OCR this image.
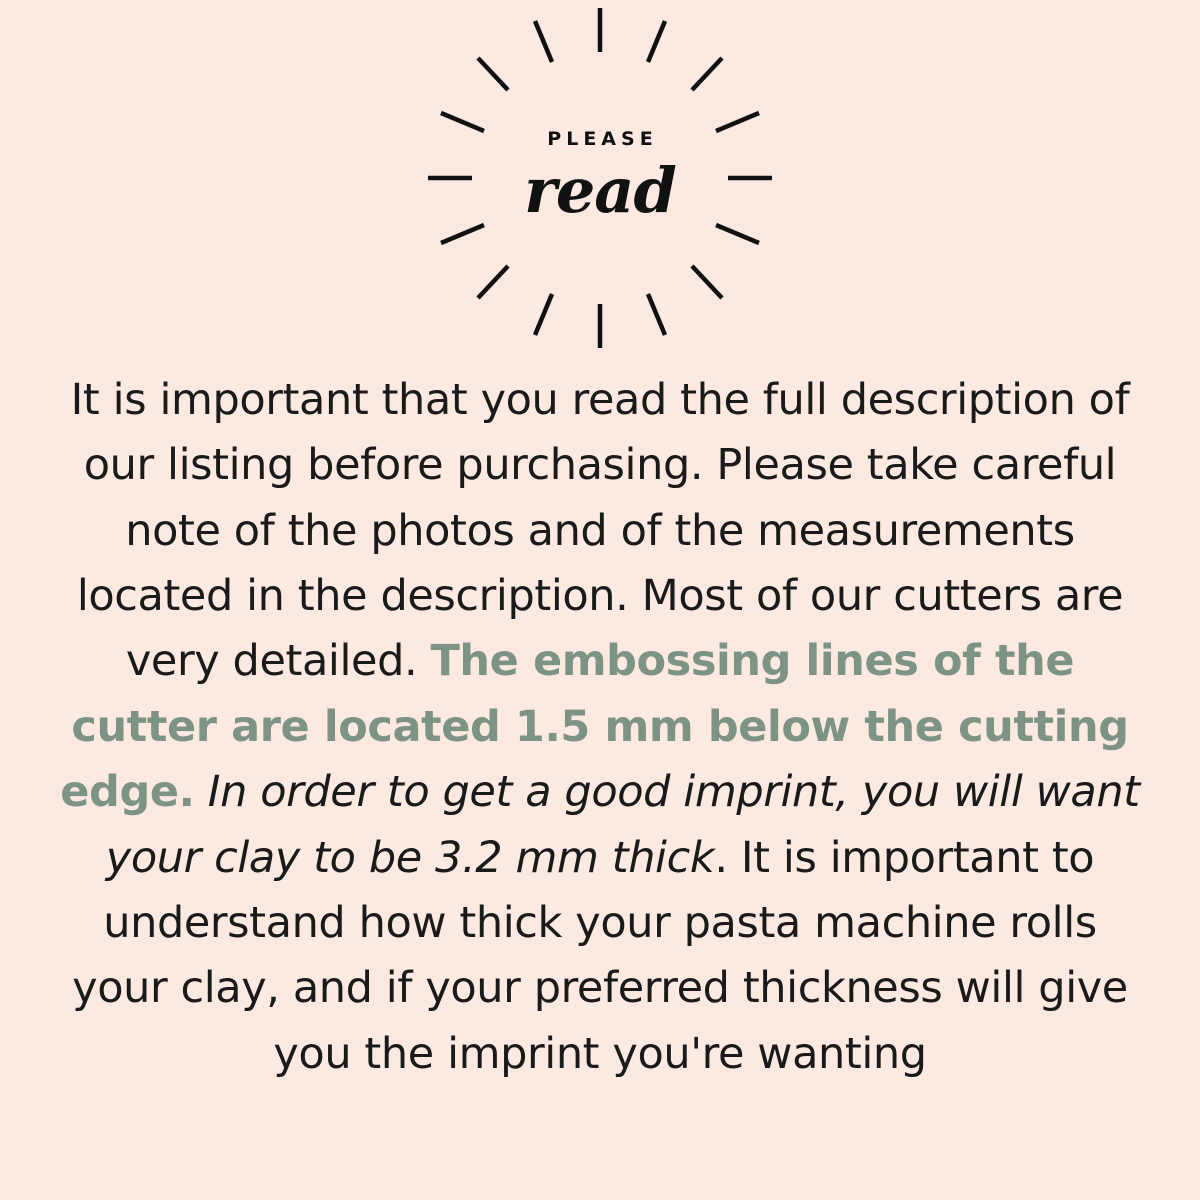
PLEASE
read

It is important that you read the full description of our listing before purchasing. Please take careful note of the photos and of the measurements located in the description. Most of our cutters are very detailed. The embossing lines of the cutter are located 1.5 mm below the cutting edge. In order to get a good imprint, you will want your clay to be 3.2 mm thick. It is important to understand how thick your pasta machine rolls your clay, and if your preferred thickness will give you the imprint you're wanting
